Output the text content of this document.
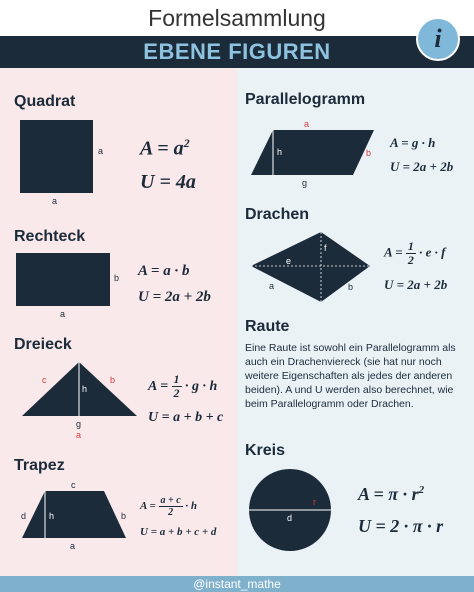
Formelsammlung
EBENE FIGUREN	i
Quadrat
a
a
$A = a^2$
U = 4a
Rechteck
b
a
A = a · b
U = 2a + 2b
Dreieck
c	b
h
g
a
$A = \frac{1}{2} \cdot g \cdot h$
U = a + b + c
Trapez
c
d	h	b
a
$A = \frac{a + c}{2} \cdot h$
U = a + b + c + d
Parallelogramm
a
h	b
g
A = g · h
U = 2a + 2b
Drachen
e
f
a	b
$A = \frac{1}{2} \cdot e \cdot f$
U = 2a + 2b
Raute
Eine Raute ist sowohl ein Parallelogramm als auch ein Drachenviereck (sie hat nur noch weitere Eigenschaften als jedes der anderen beiden). A und U werden also berechnet, wie beim Parallelogramm oder Drachen.
Kreis
r
d
$A = \pi \cdot r^2$
U = 2 · π · r
@instant_mathe
